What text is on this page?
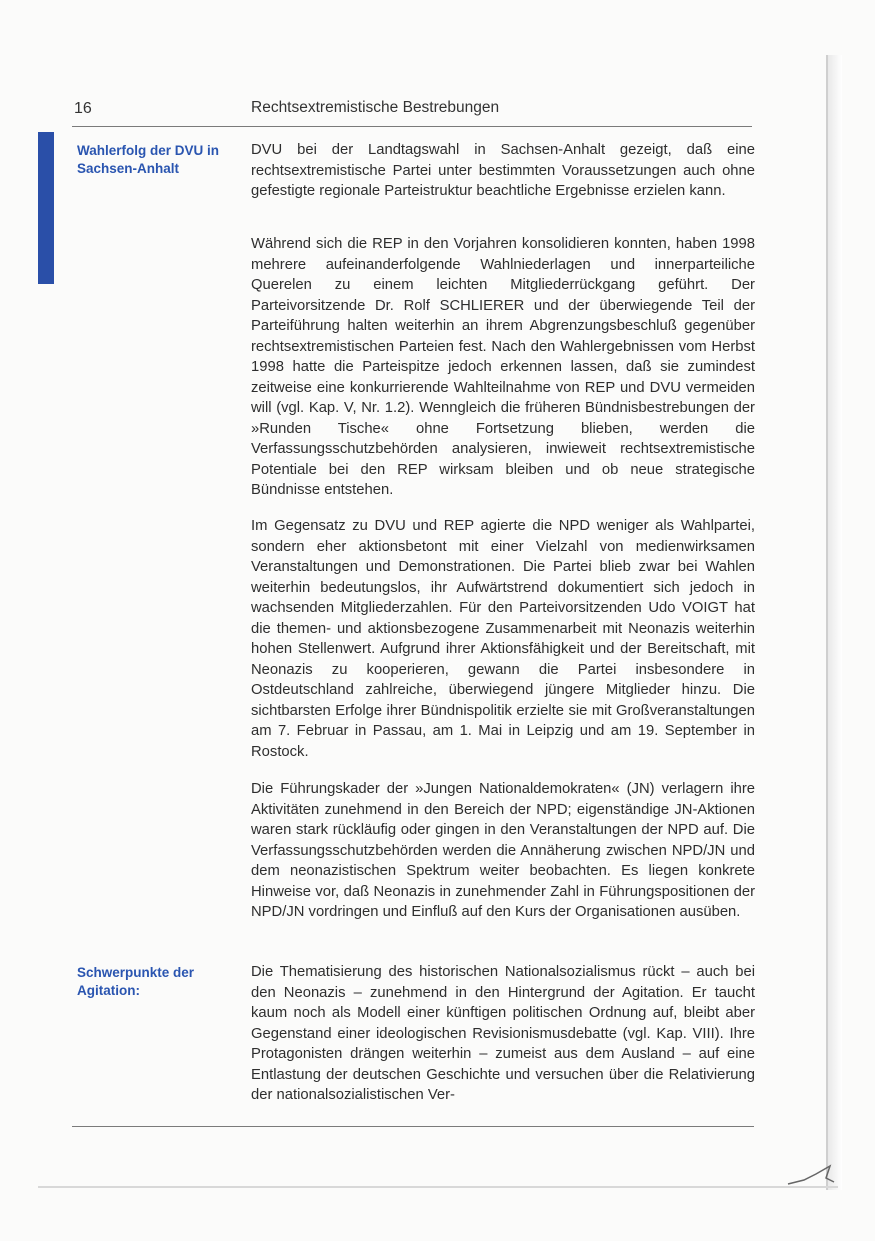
16	Rechtsextremistische Bestrebungen
Wahlerfolg der DVU in Sachsen-Anhalt
Schwerpunkte der Agitation:

DVU bei der Landtagswahl in Sachsen-Anhalt gezeigt, daß eine rechtsextremistische Partei unter bestimmten Voraussetzungen auch ohne gefestigte regionale Parteistruktur beachtliche Ergebnisse erzielen kann.

Während sich die REP in den Vorjahren konsolidieren konnten, haben 1998 mehrere aufeinanderfolgende Wahlniederlagen und innerparteiliche Querelen zu einem leichten Mitgliederrückgang geführt. Der Parteivorsitzende Dr. Rolf SCHLIERER und der überwiegende Teil der Parteiführung halten weiterhin an ihrem Abgrenzungsbeschluß gegenüber rechtsextremistischen Parteien fest. Nach den Wahlergebnissen vom Herbst 1998 hatte die Parteispitze jedoch erkennen lassen, daß sie zumindest zeitweise eine konkurrierende Wahlteilnahme von REP und DVU vermeiden will (vgl. Kap. V, Nr. 1.2). Wenngleich die früheren Bündnisbestrebungen der »Runden Tische« ohne Fortsetzung blieben, werden die Verfassungsschutzbehörden analysieren, inwieweit rechtsextremistische Potentiale bei den REP wirksam bleiben und ob neue strategische Bündnisse entstehen.

Im Gegensatz zu DVU und REP agierte die NPD weniger als Wahlpartei, sondern eher aktionsbetont mit einer Vielzahl von medienwirksamen Veranstaltungen und Demonstrationen. Die Partei blieb zwar bei Wahlen weiterhin bedeutungslos, ihr Aufwärtstrend dokumentiert sich jedoch in wachsenden Mitgliederzahlen. Für den Parteivorsitzenden Udo VOIGT hat die themen- und aktionsbezogene Zusammenarbeit mit Neonazis weiterhin hohen Stellenwert. Aufgrund ihrer Aktionsfähigkeit und der Bereitschaft, mit Neonazis zu kooperieren, gewann die Partei insbesondere in Ostdeutschland zahlreiche, überwiegend jüngere Mitglieder hinzu. Die sichtbarsten Erfolge ihrer Bündnispolitik erzielte sie mit Großveranstaltungen am 7. Februar in Passau, am 1. Mai in Leipzig und am 19. September in Rostock.

Die Führungskader der »Jungen Nationaldemokraten« (JN) verlagern ihre Aktivitäten zunehmend in den Bereich der NPD; eigenständige JN-Aktionen waren stark rückläufig oder gingen in den Veranstaltungen der NPD auf. Die Verfassungsschutzbehörden werden die Annäherung zwischen NPD/JN und dem neonazistischen Spektrum weiter beobachten. Es liegen konkrete Hinweise vor, daß Neonazis in zunehmender Zahl in Führungspositionen der NPD/JN vordringen und Einfluß auf den Kurs der Organisationen ausüben.

Die Thematisierung des historischen Nationalsozialismus rückt – auch bei den Neonazis – zunehmend in den Hintergrund der Agitation. Er taucht kaum noch als Modell einer künftigen politischen Ordnung auf, bleibt aber Gegenstand einer ideologischen Revisionismusdebatte (vgl. Kap. VIII). Ihre Protagonisten drängen weiterhin – zumeist aus dem Ausland – auf eine Entlastung der deutschen Geschichte und versuchen über die Relativierung der nationalsozialistischen Ver-
